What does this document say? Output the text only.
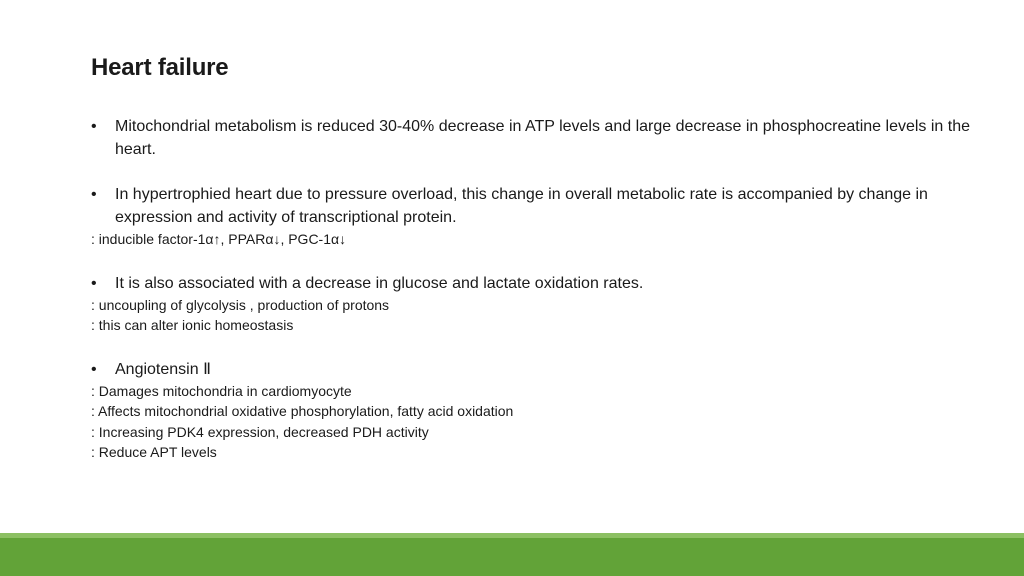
Heart failure
•	Mitochondrial metabolism is reduced 30-40% decrease in ATP levels and large decrease in phosphocreatine levels in the heart.
•	In hypertrophied heart due to pressure overload, this change in overall metabolic rate is accompanied by change in expression and activity of transcriptional protein.

: inducible factor-1α↑, PPARα↓, PGC-1α↓

•	It is also associated with a decrease in glucose and lactate oxidation rates.

: uncoupling of glycolysis , production of protons

: this can alter ionic homeostasis

•	Angiotensin Ⅱ

: Damages mitochondria in cardiomyocyte

: Affects mitochondrial oxidative phosphorylation, fatty acid oxidation

: Increasing PDK4 expression, decreased PDH activity

: Reduce APT levels
